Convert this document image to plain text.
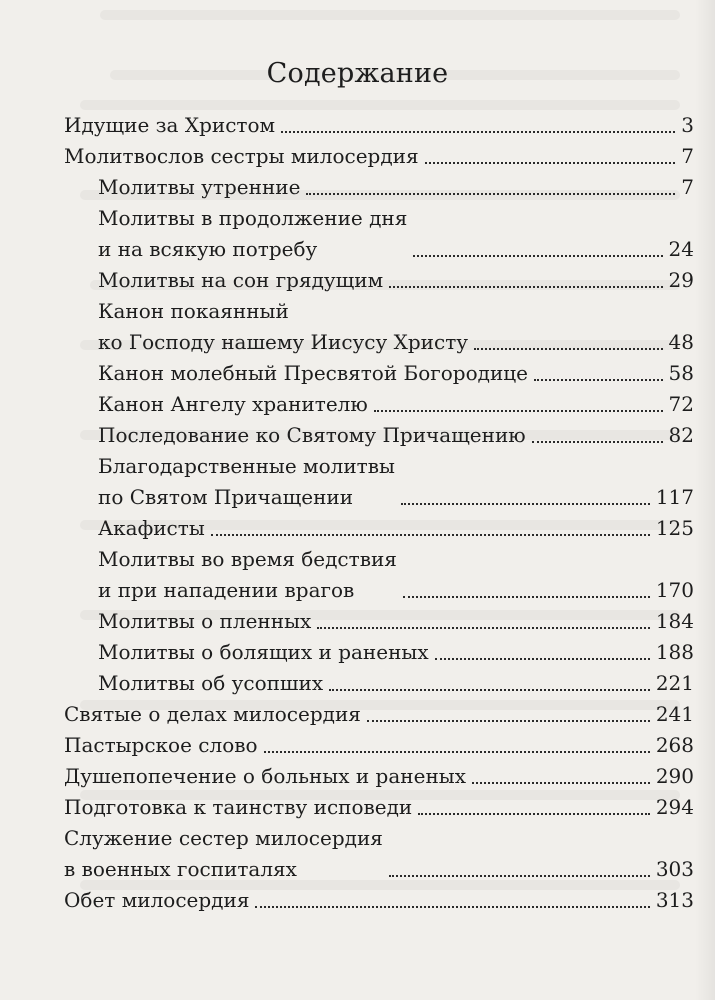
Содержание
Идущие за Христом	3
Молитвослов сестры милосердия	7
Молитвы утренние	7
Молитвы в продолжение дня
и на всякую потребу	24
Молитвы на сон грядущим	29
Канон покаянный
ко Господу нашему Иисусу Христу	48
Канон молебный Пресвятой Богородице	58
Канон Ангелу хранителю	72
Последование ко Святому Причащению	82
Благодарственные молитвы
по Святом Причащении	117
Акафисты	125
Молитвы во время бедствия
и при нападении врагов	170
Молитвы о пленных	184
Молитвы о болящих и раненых	188
Молитвы об усопших	221
Святые о делах милосердия	241
Пастырское слово	268
Душепопечение о больных и раненых	290
Подготовка к таинству исповеди	294
Служение сестер милосердия
в военных госпиталях	303
Обет милосердия	313
